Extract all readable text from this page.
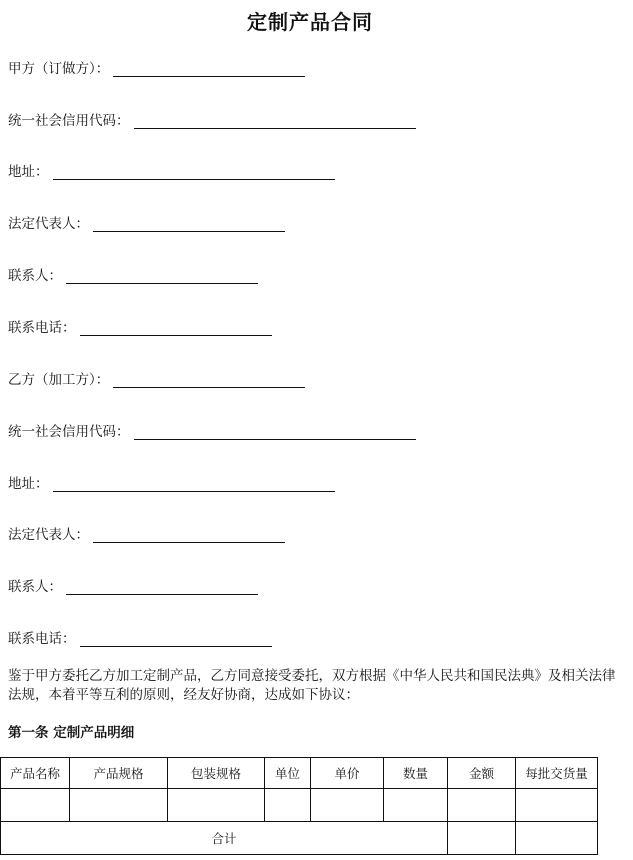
定制产品合同
甲方（订做方）：
统一社会信用代码：
地址：
法定代表人：
联系人：
联系电话：
乙方（加工方）：
统一社会信用代码：
地址：
法定代表人：
联系人：
联系电话：
鉴于甲方委托乙方加工定制产品，乙方同意接受委托，双方根据《中华人民共和国民法典》及相关法律法规，本着平等互利的原则，经友好协商，达成如下协议：
第一条 定制产品明细
产品名称	产品规格	包装规格	单位	单价	数量	金额	每批交货量

合计							
